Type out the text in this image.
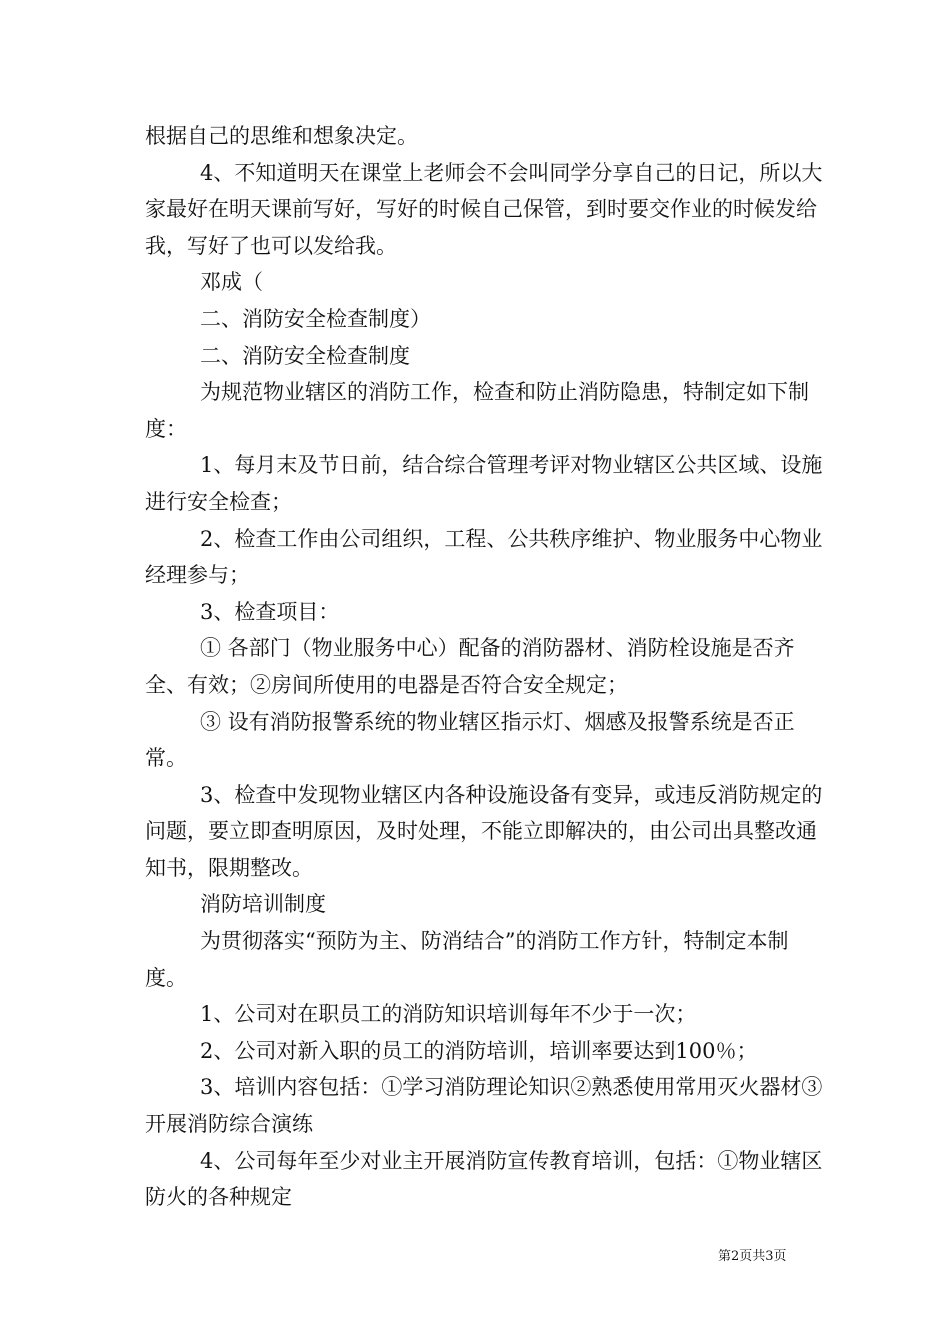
根据自己的思维和想象决定。

4、不知道明天在课堂上老师会不会叫同学分享自己的日记，所以大家最好在明天课前写好，写好的时候自己保管，到时要交作业的时候发给我，写好了也可以发给我。

邓成（

二、消防安全检查制度）

二、消防安全检查制度

为规范物业辖区的消防工作，检查和防止消防隐患，特制定如下制度：

1、每月末及节日前，结合综合管理考评对物业辖区公共区域、设施进行安全检查；

2、检查工作由公司组织，工程、公共秩序维护、物业服务中心物业经理参与；

3、检查项目：

① 各部门（物业服务中心）配备的消防器材、消防栓设施是否齐全、有效；②房间所使用的电器是否符合安全规定；

③ 设有消防报警系统的物业辖区指示灯、烟感及报警系统是否正常。

3、检查中发现物业辖区内各种设施设备有变异，或违反消防规定的问题，要立即查明原因，及时处理，不能立即解决的，由公司出具整改通知书，限期整改。

消防培训制度

为贯彻落实“预防为主、防消结合”的消防工作方针，特制定本制度。

1、公司对在职员工的消防知识培训每年不少于一次；

2、公司对新入职的员工的消防培训，培训率要达到100％；

3、培训内容包括：①学习消防理论知识②熟悉使用常用灭火器材③开展消防综合演练

4、公司每年至少对业主开展消防宣传教育培训，包括：①物业辖区防火的各种规定

第2页共3页
